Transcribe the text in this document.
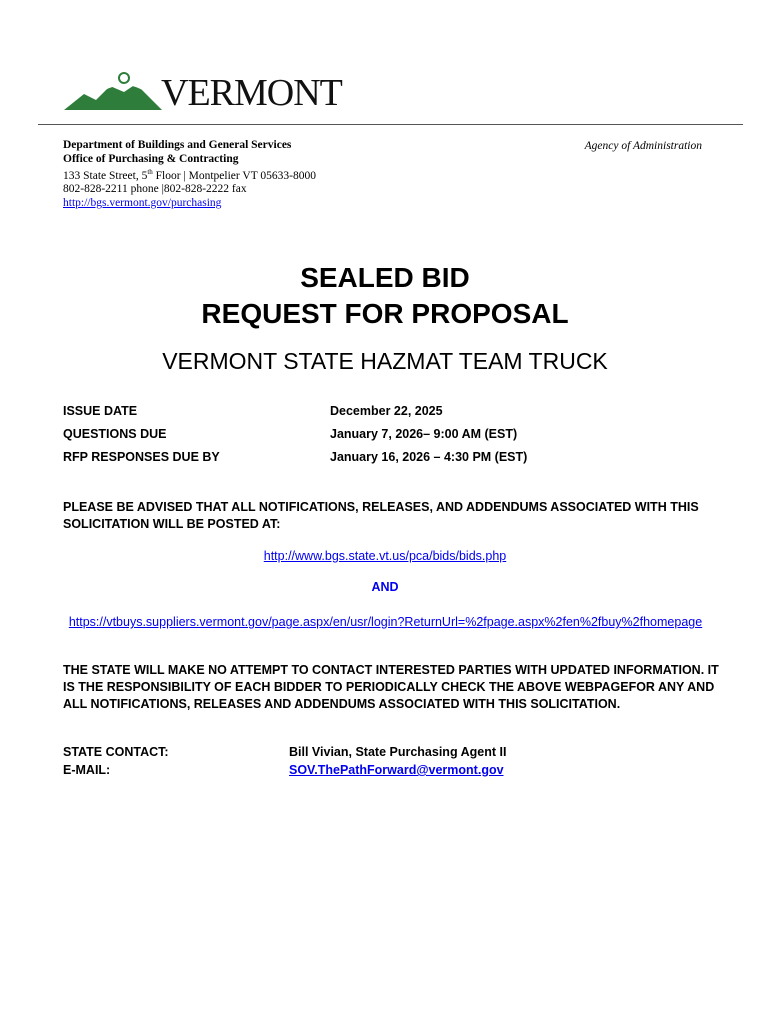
VERMONT
Department of Buildings and General Services
Office of Purchasing & Contracting
133 State Street, 5th Floor | Montpelier VT 05633-8000
802-828-2211 phone |802-828-2222 fax
http://bgs.vermont.gov/purchasing
Agency of Administration
SEALED BID
REQUEST FOR PROPOSAL
VERMONT STATE HAZMAT TEAM TRUCK
ISSUE DATE	December 22, 2025
QUESTIONS DUE	January 7, 2026– 9:00 AM (EST)
RFP RESPONSES DUE BY	January 16, 2026 – 4:30 PM (EST)
PLEASE BE ADVISED THAT ALL NOTIFICATIONS, RELEASES, AND ADDENDUMS ASSOCIATED WITH THIS SOLICITATION WILL BE POSTED AT:
http://www.bgs.state.vt.us/pca/bids/bids.php
AND
https://vtbuys.suppliers.vermont.gov/page.aspx/en/usr/login?ReturnUrl=%2fpage.aspx%2fen%2fbuy%2fhomepage
THE STATE WILL MAKE NO ATTEMPT TO CONTACT INTERESTED PARTIES WITH UPDATED INFORMATION. IT IS THE RESPONSIBILITY OF EACH BIDDER TO PERIODICALLY CHECK THE ABOVE WEBPAGEFOR ANY AND ALL NOTIFICATIONS, RELEASES AND ADDENDUMS ASSOCIATED WITH THIS SOLICITATION.
STATE CONTACT:	Bill Vivian, State Purchasing Agent II
E-MAIL:	SOV.ThePathForward@vermont.gov
